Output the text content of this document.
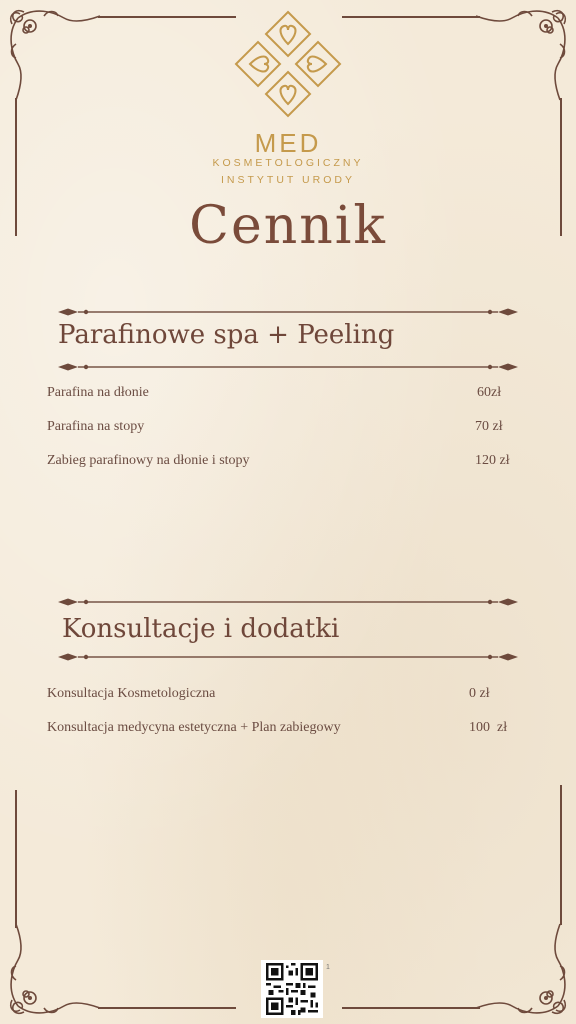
MED
KOSMETOLOGICZNY
INSTYTUT URODY
Cennik
Parafinowe spa + Peeling
Parafina na dłonie	60zł
Parafina na stopy	70 zł
Zabieg parafinowy na dłonie i stopy	120 zł
Konsultacje i dodatki
Konsultacja Kosmetologiczna	0 zł
Konsultacja medycyna estetyczna + Plan zabiegowy	100  zł
1
